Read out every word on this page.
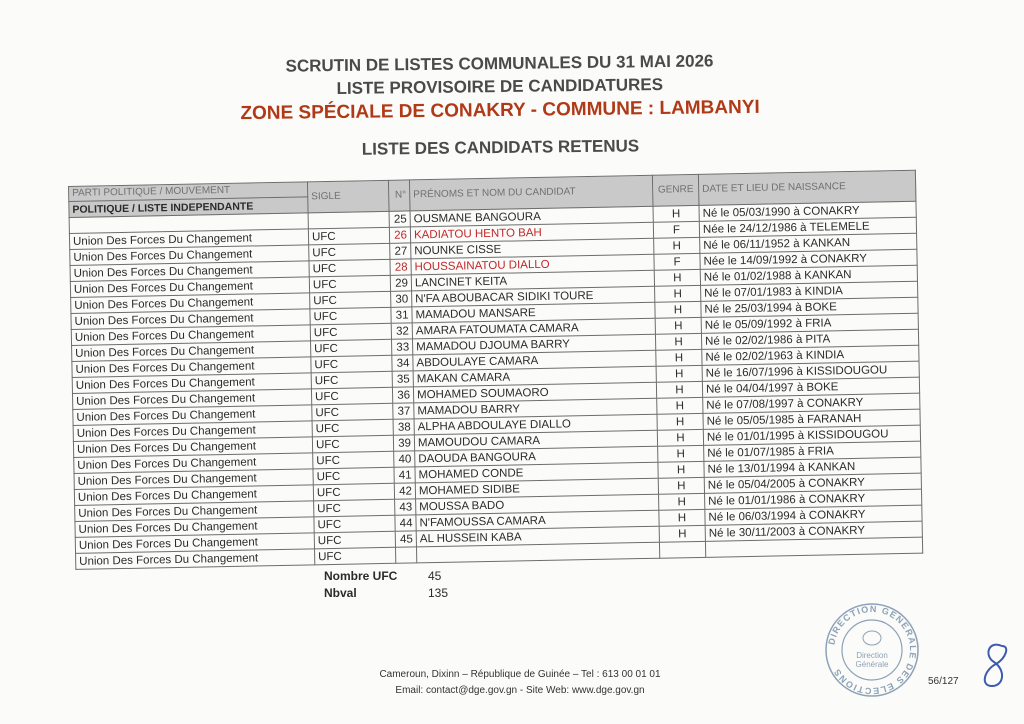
SCRUTIN DE LISTES COMMUNALES DU 31 MAI 2026
LISTE PROVISOIRE DE CANDIDATURES
ZONE SPÉCIALE DE CONAKRY - COMMUNE : LAMBANYI
LISTE DES CANDIDATS RETENUS
PARTI POLITIQUE / MOUVEMENT	SIGLE	N°	PRÉNOMS ET NOM DU CANDIDAT	GENRE	DATE ET LIEU DE NAISSANCE
POLITIQUE / LISTE INDEPENDANTE					
		25	OUSMANE BANGOURA	H	Né le 05/03/1990 à CONAKRY
Union Des Forces Du Changement	UFC	26	KADIATOU HENTO BAH	F	Née le 24/12/1986 à TELEMELE
Union Des Forces Du Changement	UFC	27	NOUNKE CISSE	H	Né le 06/11/1952 à KANKAN
Union Des Forces Du Changement	UFC	28	HOUSSAINATOU DIALLO	F	Née le 14/09/1992 à CONAKRY
Union Des Forces Du Changement	UFC	29	LANCINET KEITA	H	Né le 01/02/1988 à KANKAN
Union Des Forces Du Changement	UFC	30	N'FA ABOUBACAR SIDIKI TOURE	H	Né le 07/01/1983 à KINDIA
Union Des Forces Du Changement	UFC	31	MAMADOU MANSARE	H	Né le 25/03/1994 à BOKE
Union Des Forces Du Changement	UFC	32	AMARA FATOUMATA CAMARA	H	Né le 05/09/1992 à FRIA
Union Des Forces Du Changement	UFC	33	MAMADOU DJOUMA BARRY	H	Né le 02/02/1986 à PITA
Union Des Forces Du Changement	UFC	34	ABDOULAYE CAMARA	H	Né le 02/02/1963 à KINDIA
Union Des Forces Du Changement	UFC	35	MAKAN CAMARA	H	Né le 16/07/1996 à KISSIDOUGOU
Union Des Forces Du Changement	UFC	36	MOHAMED SOUMAORO	H	Né le 04/04/1997 à BOKE
Union Des Forces Du Changement	UFC	37	MAMADOU BARRY	H	Né le 07/08/1997 à CONAKRY
Union Des Forces Du Changement	UFC	38	ALPHA ABDOULAYE DIALLO	H	Né le 05/05/1985 à FARANAH
Union Des Forces Du Changement	UFC	39	MAMOUDOU CAMARA	H	Né le 01/01/1995 à KISSIDOUGOU
Union Des Forces Du Changement	UFC	40	DAOUDA BANGOURA	H	Né le 01/07/1985 à FRIA
Union Des Forces Du Changement	UFC	41	MOHAMED CONDE	H	Né le 13/01/1994 à KANKAN
Union Des Forces Du Changement	UFC	42	MOHAMED SIDIBE	H	Né le 05/04/2005 à CONAKRY
Union Des Forces Du Changement	UFC	43	MOUSSA BADO	H	Né le 01/01/1986 à CONAKRY
Union Des Forces Du Changement	UFC	44	N'FAMOUSSA CAMARA	H	Né le 06/03/1994 à CONAKRY
Union Des Forces Du Changement	UFC	45	AL HUSSEIN KABA	H	Né le 30/11/2003 à CONAKRY
Union Des Forces Du Changement	UFC				
Nombre UFC	45
Nbval	135
DIRECTION GENERALE DES ELECTIONS
Direction
Générale
Cameroun, Dixinn – République de Guinée – Tel : 613 00 01 01
Email: contact@dge.gov.gn - Site Web: www.dge.gov.gn
56/127
